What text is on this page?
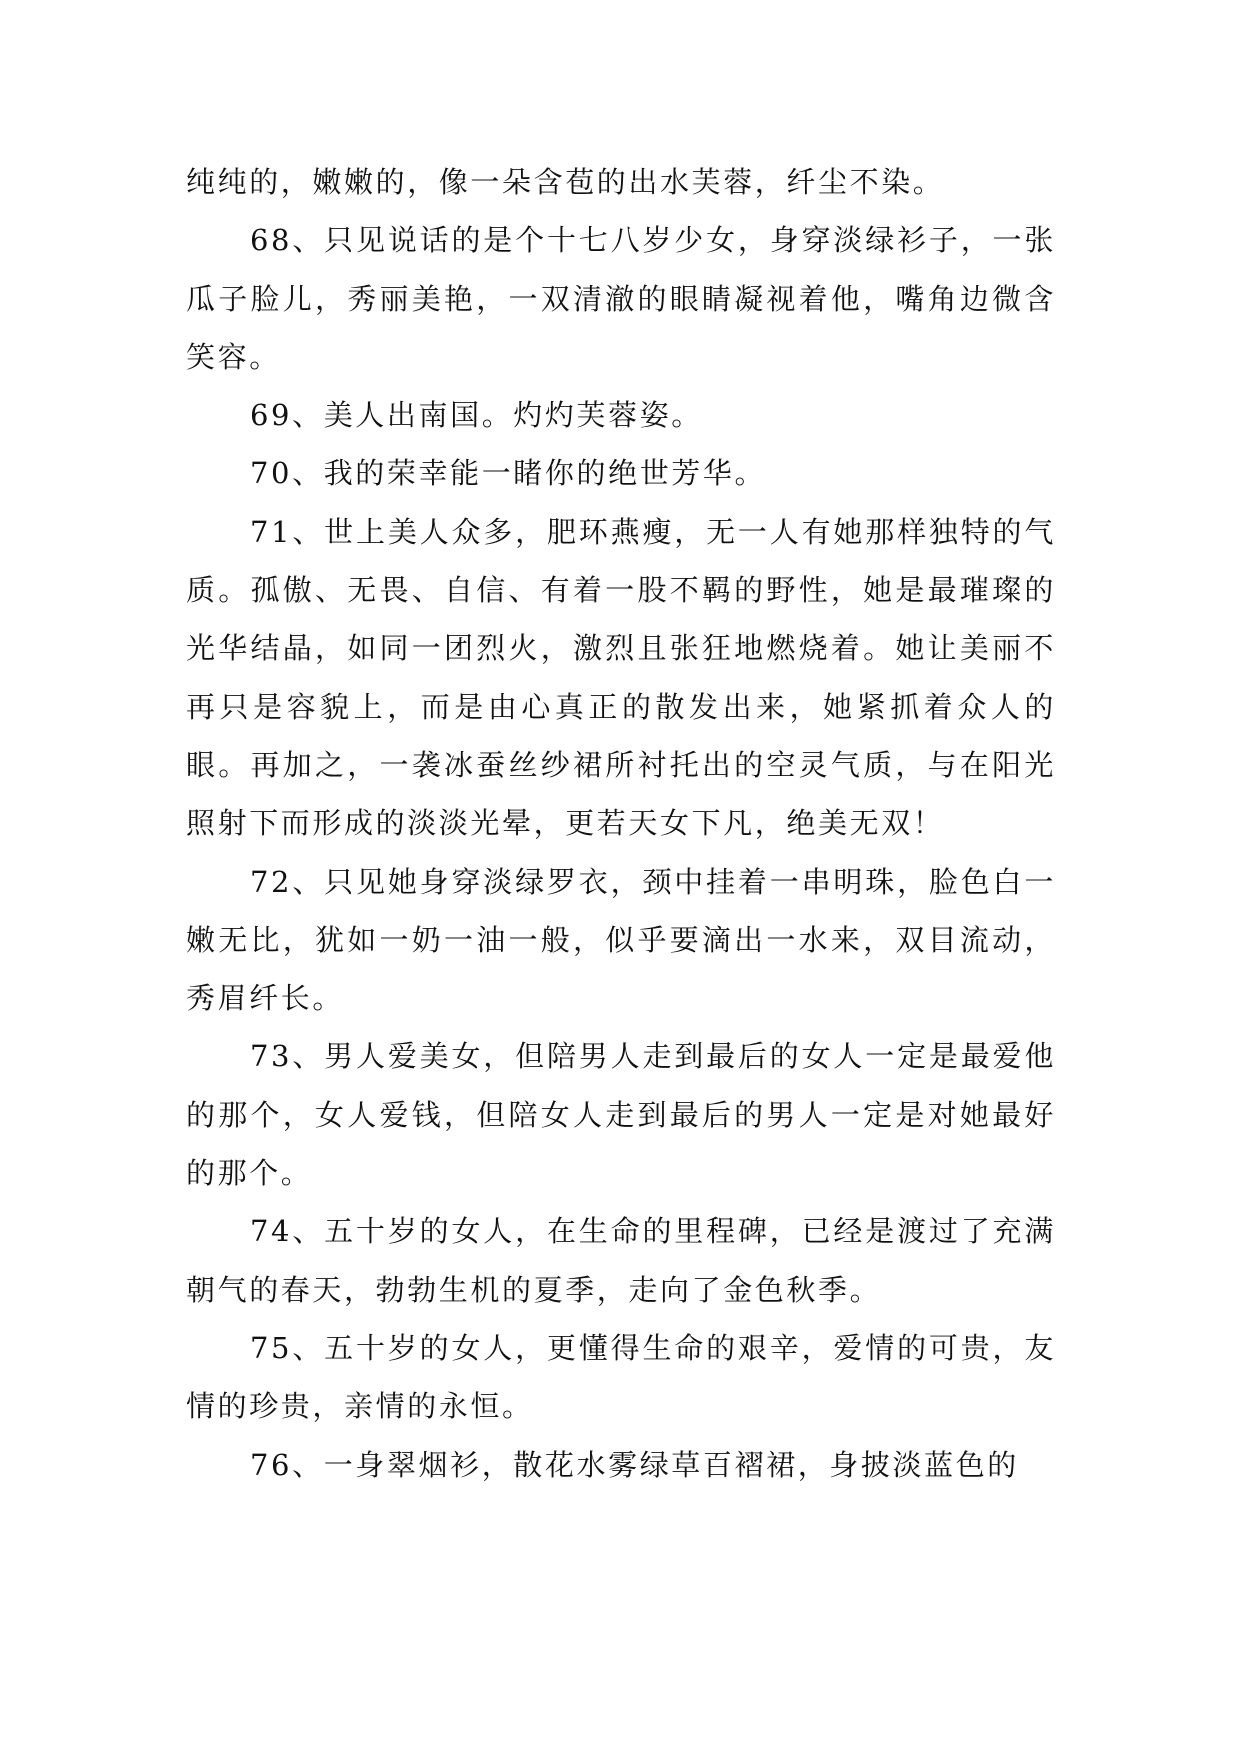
纯纯的，嫩嫩的，像一朵含苞的出水芙蓉，纤尘不染。

68、只见说话的是个十七八岁少女，身穿淡绿衫子，一张瓜子脸儿，秀丽美艳，一双清澈的眼睛凝视着他，嘴角边微含笑容。

69、美人出南国。灼灼芙蓉姿。

70、我的荣幸能一睹你的绝世芳华。

71、世上美人众多，肥环燕瘦，无一人有她那样独特的气质。孤傲、无畏、自信、有着一股不羁的野性，她是最璀璨的光华结晶，如同一团烈火，激烈且张狂地燃烧着。她让美丽不再只是容貌上，而是由心真正的散发出来，她紧抓着众人的眼。再加之，一袭冰蚕丝纱裙所衬托出的空灵气质，与在阳光照射下而形成的淡淡光晕，更若天女下凡，绝美无双！

72、只见她身穿淡绿罗衣，颈中挂着一串明珠，脸色白一嫩无比，犹如一奶一油一般，似乎要滴出一水来，双目流动，秀眉纤长。

73、男人爱美女，但陪男人走到最后的女人一定是最爱他的那个，女人爱钱，但陪女人走到最后的男人一定是对她最好的那个。

74、五十岁的女人，在生命的里程碑，已经是渡过了充满朝气的春天，勃勃生机的夏季，走向了金色秋季。

75、五十岁的女人，更懂得生命的艰辛，爱情的可贵，友情的珍贵，亲情的永恒。

76、一身翠烟衫，散花水雾绿草百褶裙，身披淡蓝色的
